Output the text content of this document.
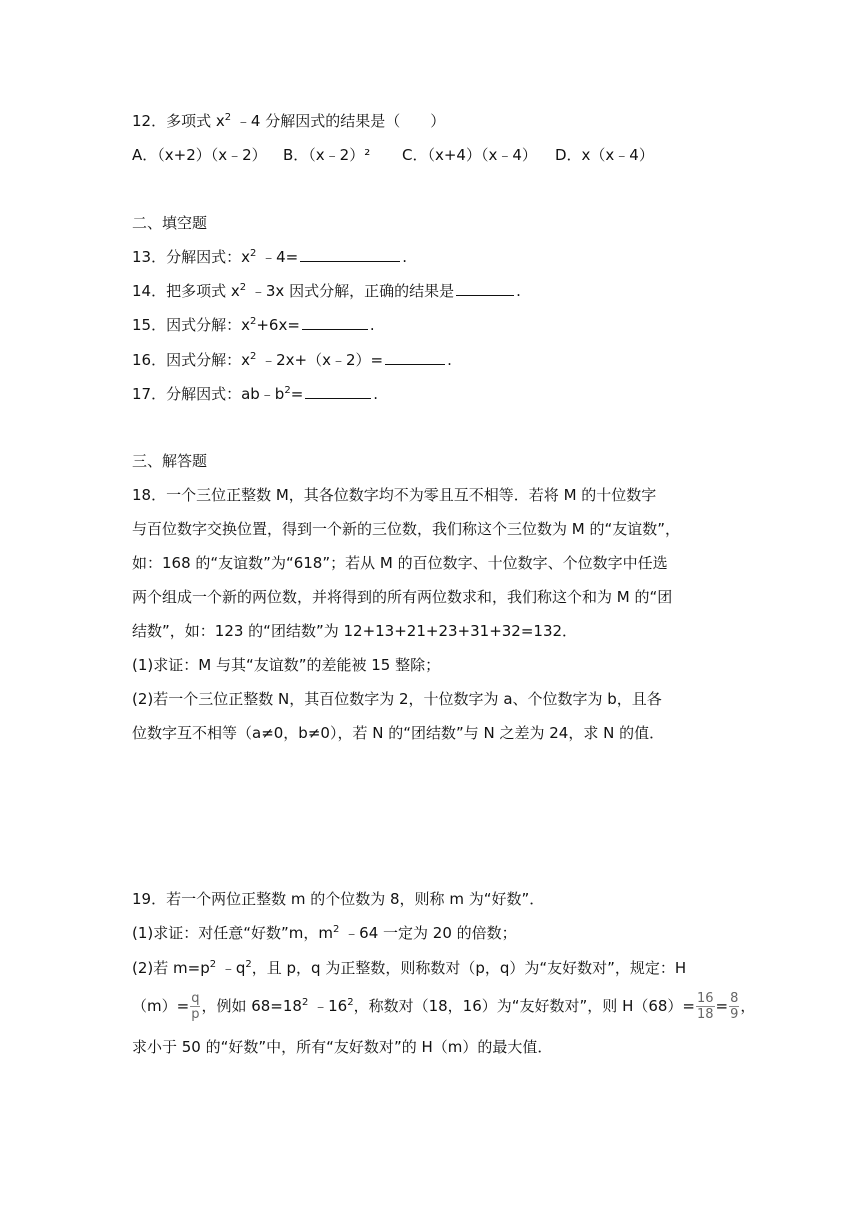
12．多项式 $x^2$ ﹣4 分解因式的结果是（　　）
A．（x+2）（x﹣2） B．（x﹣2）² C．（x+4）（x﹣4） D．x（x﹣4）
二、填空题
13．分解因式：$x^2$ ﹣4=	.
14．把多项式 $x^2$ ﹣3x 因式分解，正确的结果是	.
15．因式分解：$x^2+6x=$	.
16．因式分解：$x^2$ ﹣2x+（x﹣2）=	.
17．分解因式：$ab﹣b^2=$	.
三、解答题
18．一个三位正整数 M，其各位数字均不为零且互不相等．若将 M 的十位数字
与百位数字交换位置，得到一个新的三位数，我们称这个三位数为 M 的“友谊数”，
如：168 的“友谊数”为“618”；若从 M 的百位数字、十位数字、个位数字中任选
两个组成一个新的两位数，并将得到的所有两位数求和，我们称这个和为 M 的“团
结数”，如：123 的“团结数”为 12+13+21+23+31+32=132．
(1)求证：M 与其“友谊数”的差能被 15 整除；
(2)若一个三位正整数 N，其百位数字为 2，十位数字为 a、个位数字为 b，且各
位数字互不相等（a≠0，b≠0），若 N 的“团结数”与 N 之差为 24，求 N 的值．
19．若一个两位正整数 m 的个位数为 8，则称 m 为“好数”．
(1)求证：对任意“好数”m，$m^2$ ﹣64 一定为 20 的倍数；
(2)若 $m=p^2$ $﹣q^2$，且 p，q 为正整数，则称数对（p，q）为“友好数对”，规定：H
$(m)= \frac{q}{p}$ ，例如 $68=18^2$ $﹣16^2$，称数对（18，16）为“友好数对”，则 $H(68)= \frac{16}{18} = \frac{8}{9}$ ，
求小于 50 的“好数”中，所有“友好数对”的 H（m）的最大值．
